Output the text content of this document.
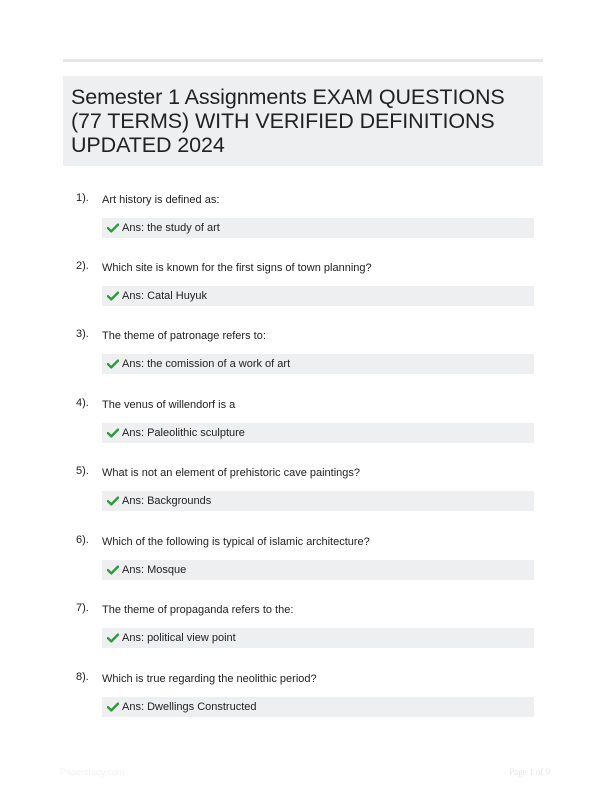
Semester 1 Assignments EXAM QUESTIONS (77 TERMS) WITH VERIFIED DEFINITIONS UPDATED 2024
1). Art history is defined as:
Ans: the study of art
2). Which site is known for the first signs of town planning?
Ans: Catal Huyuk
3). The theme of patronage refers to:
Ans: the comission of a work of art
4). The venus of willendorf is a
Ans: Paleolithic sculpture
5). What is not an element of prehistoric cave paintings?
Ans: Backgrounds
6). Which of the following is typical of islamic architecture?
Ans: Mosque
7). The theme of propaganda refers to the:
Ans: political view point
8). Which is true regarding the neolithic period?
Ans: Dwellings Constructed
Paperstudy.com	Page 1 of 9
